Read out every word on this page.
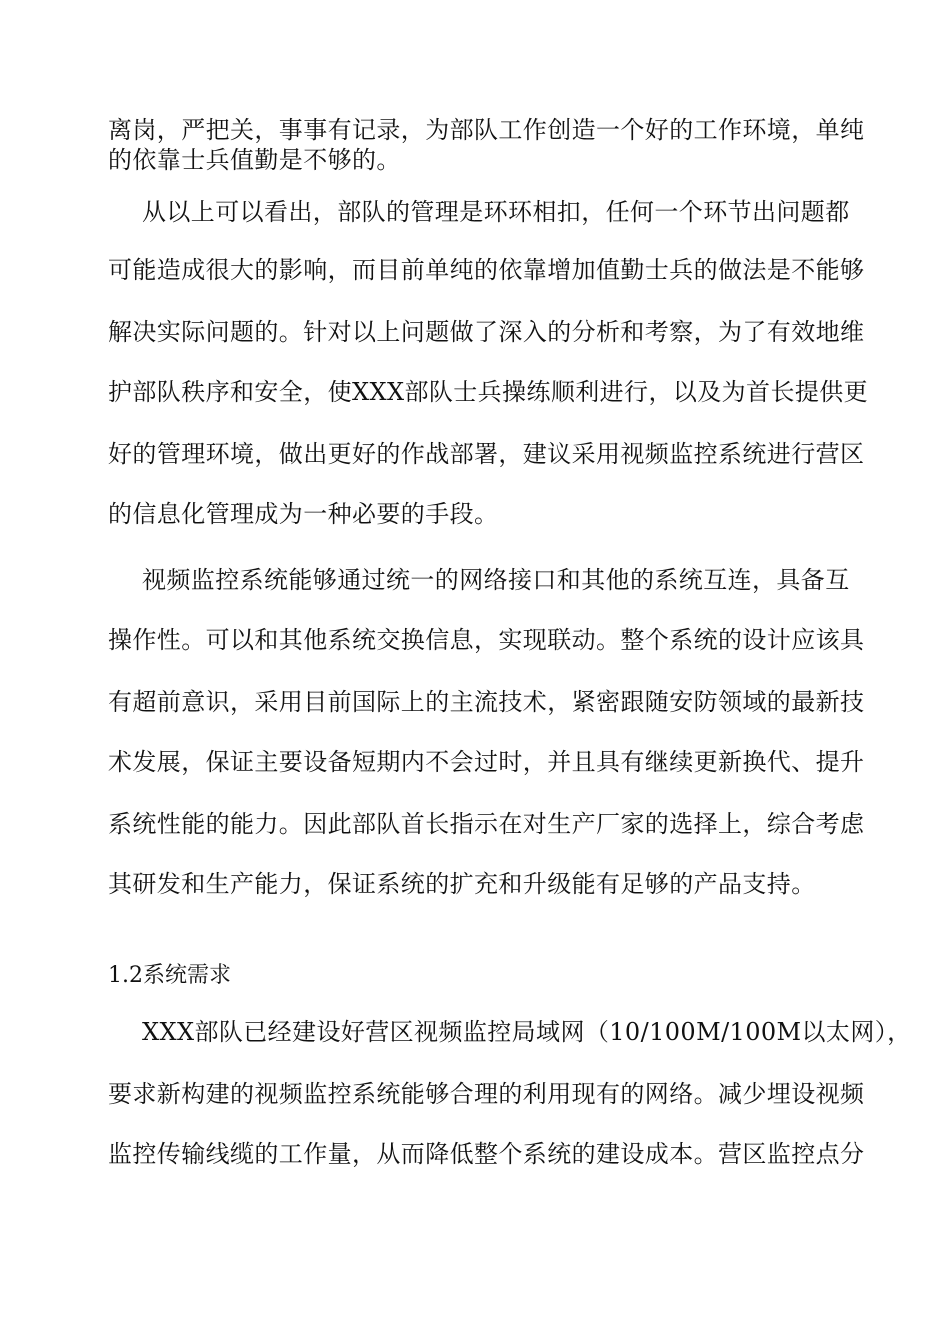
离岗，严把关，事事有记录，为部队工作创造一个好的工作环境，单纯
的依靠士兵值勤是不够的。
从以上可以看出，部队的管理是环环相扣，任何一个环节出问题都
可能造成很大的影响，而目前单纯的依靠增加值勤士兵的做法是不能够
解决实际问题的。针对以上问题做了深入的分析和考察，为了有效地维
护部队秩序和安全，使XXX部队士兵操练顺利进行，以及为首长提供更
好的管理环境，做出更好的作战部署，建议采用视频监控系统进行营区
的信息化管理成为一种必要的手段。
视频监控系统能够通过统一的网络接口和其他的系统互连，具备互
操作性。可以和其他系统交换信息，实现联动。整个系统的设计应该具
有超前意识，采用目前国际上的主流技术，紧密跟随安防领域的最新技
术发展，保证主要设备短期内不会过时，并且具有继续更新换代、提升
系统性能的能力。因此部队首长指示在对生产厂家的选择上，综合考虑
其研发和生产能力，保证系统的扩充和升级能有足够的产品支持。
1.2系统需求
XXX部队已经建设好营区视频监控局域网（10/100M/100M以太网），
要求新构建的视频监控系统能够合理的利用现有的网络。减少埋设视频
监控传输线缆的工作量，从而降低整个系统的建设成本。营区监控点分
